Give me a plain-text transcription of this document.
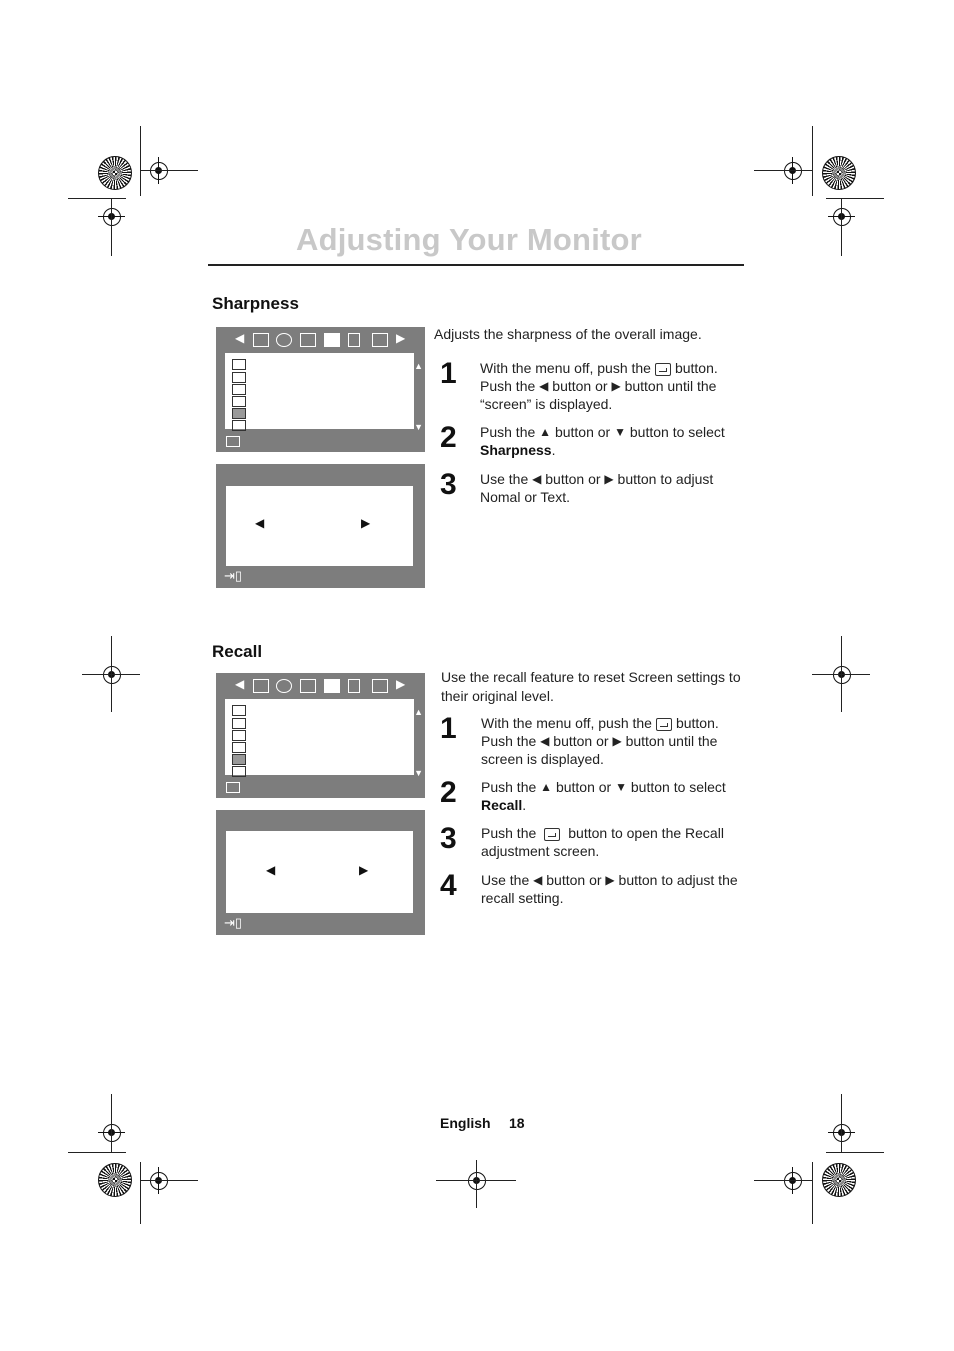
Adjusting Your Monitor
Sharpness
◀	▶
▲
▼
◀	▶
⇥▯
Adjusts the sharpness of the overall image.
1	With the menu off, push the button.
Push the ◀ button or ▶ button until the
“screen” is displayed.
2	Push the ▲ button or ▼ button to select
Sharpness.
3	Use the ◀ button or ▶ button to adjust
Nomal or Text.
Recall
◀	▶
▲
▼
◀	▶
⇥▯
Use the recall feature to reset Screen settings to their original level.
1	With the menu off, push the button.
Push the ◀ button or ▶ button until the
screen is displayed.
2	Push the ▲ button or ▼ button to select
Recall.
3	Push the button to open the Recall
adjustment screen.
4	Use the ◀ button or ▶ button to adjust the
recall setting.
English 18
